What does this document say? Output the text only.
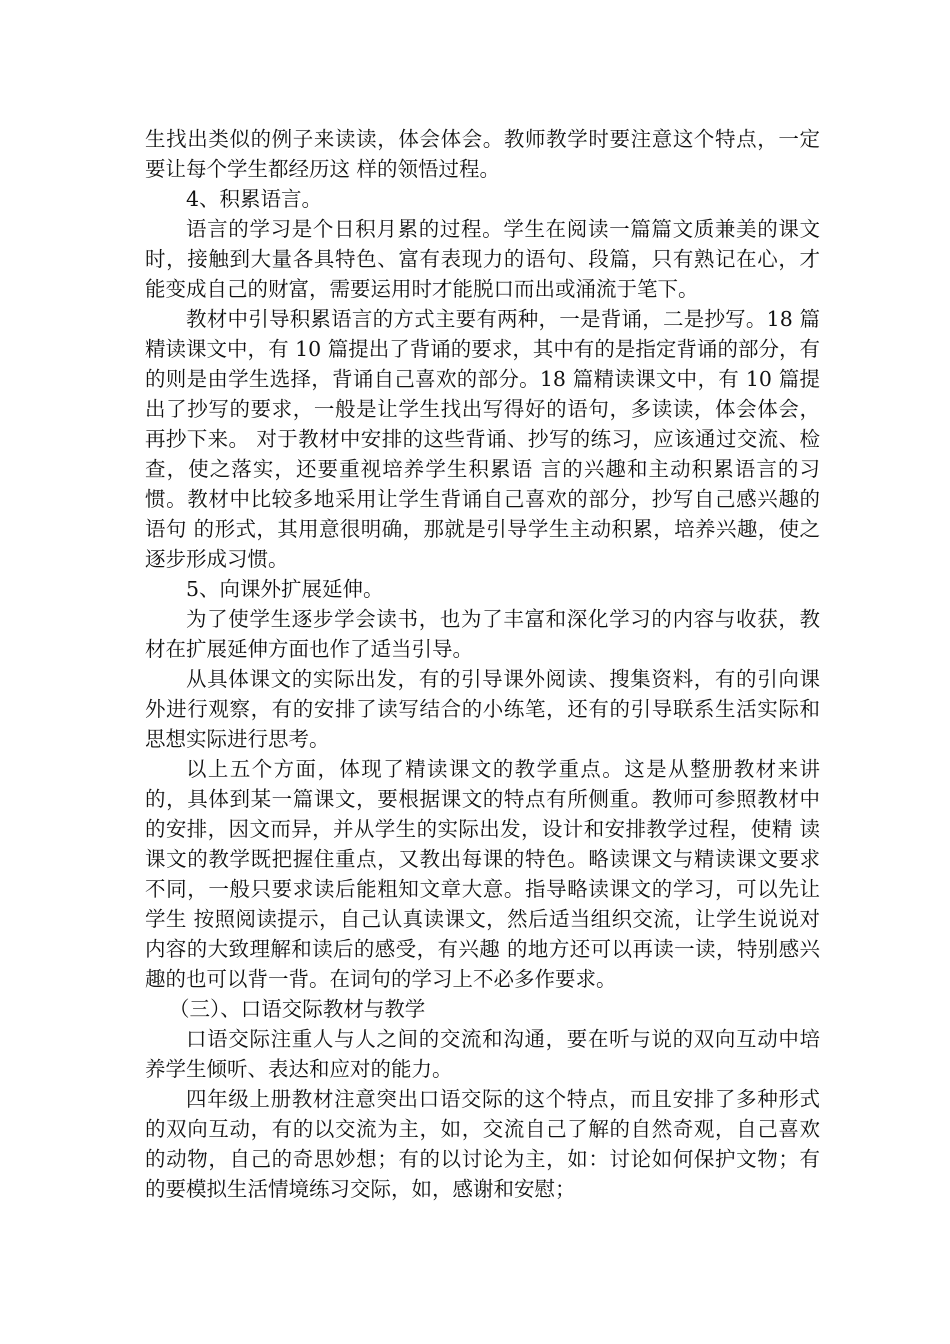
生找出类似的例子来读读，体会体会。教师教学时要注意这个特点，一定要让每个学生都经历这 样的领悟过程。

4、积累语言。

语言的学习是个日积月累的过程。学生在阅读一篇篇文质兼美的课文时，接触到大量各具特色、富有表现力的语句、段篇，只有熟记在心，才能变成自己的财富，需要运用时才能脱口而出或涌流于笔下。

教材中引导积累语言的方式主要有两种，一是背诵，二是抄写。18 篇精读课文中，有 10 篇提出了背诵的要求，其中有的是指定背诵的部分，有的则是由学生选择，背诵自己喜欢的部分。18 篇精读课文中，有 10 篇提出了抄写的要求，一般是让学生找出写得好的语句，多读读，体会体会，再抄下来。 对于教材中安排的这些背诵、抄写的练习，应该通过交流、检查，使之落实，还要重视培养学生积累语 言的兴趣和主动积累语言的习惯。教材中比较多地采用让学生背诵自己喜欢的部分，抄写自己感兴趣的语句 的形式，其用意很明确，那就是引导学生主动积累，培养兴趣，使之逐步形成习惯。

5、向课外扩展延伸。

为了使学生逐步学会读书，也为了丰富和深化学习的内容与收获，教材在扩展延伸方面也作了适当引导。

从具体课文的实际出发，有的引导课外阅读、搜集资料，有的引向课外进行观察，有的安排了读写结合的小练笔，还有的引导联系生活实际和思想实际进行思考。

以上五个方面，体现了精读课文的教学重点。这是从整册教材来讲的，具体到某一篇课文，要根据课文的特点有所侧重。教师可参照教材中的安排，因文而异，并从学生的实际出发，设计和安排教学过程，使精 读课文的教学既把握住重点，又教出每课的特色。略读课文与精读课文要求不同，一般只要求读后能粗知文章大意。指导略读课文的学习，可以先让学生 按照阅读提示，自己认真读课文，然后适当组织交流，让学生说说对内容的大致理解和读后的感受，有兴趣 的地方还可以再读一读，特别感兴趣的也可以背一背。在词句的学习上不必多作要求。

（三）、口语交际教材与教学

口语交际注重人与人之间的交流和沟通，要在听与说的双向互动中培养学生倾听、表达和应对的能力。

四年级上册教材注意突出口语交际的这个特点，而且安排了多种形式的双向互动，有的以交流为主，如，交流自己了解的自然奇观，自己喜欢的动物，自己的奇思妙想；有的以讨论为主，如：讨论如何保护文物；有的要模拟生活情境练习交际，如，感谢和安慰；
